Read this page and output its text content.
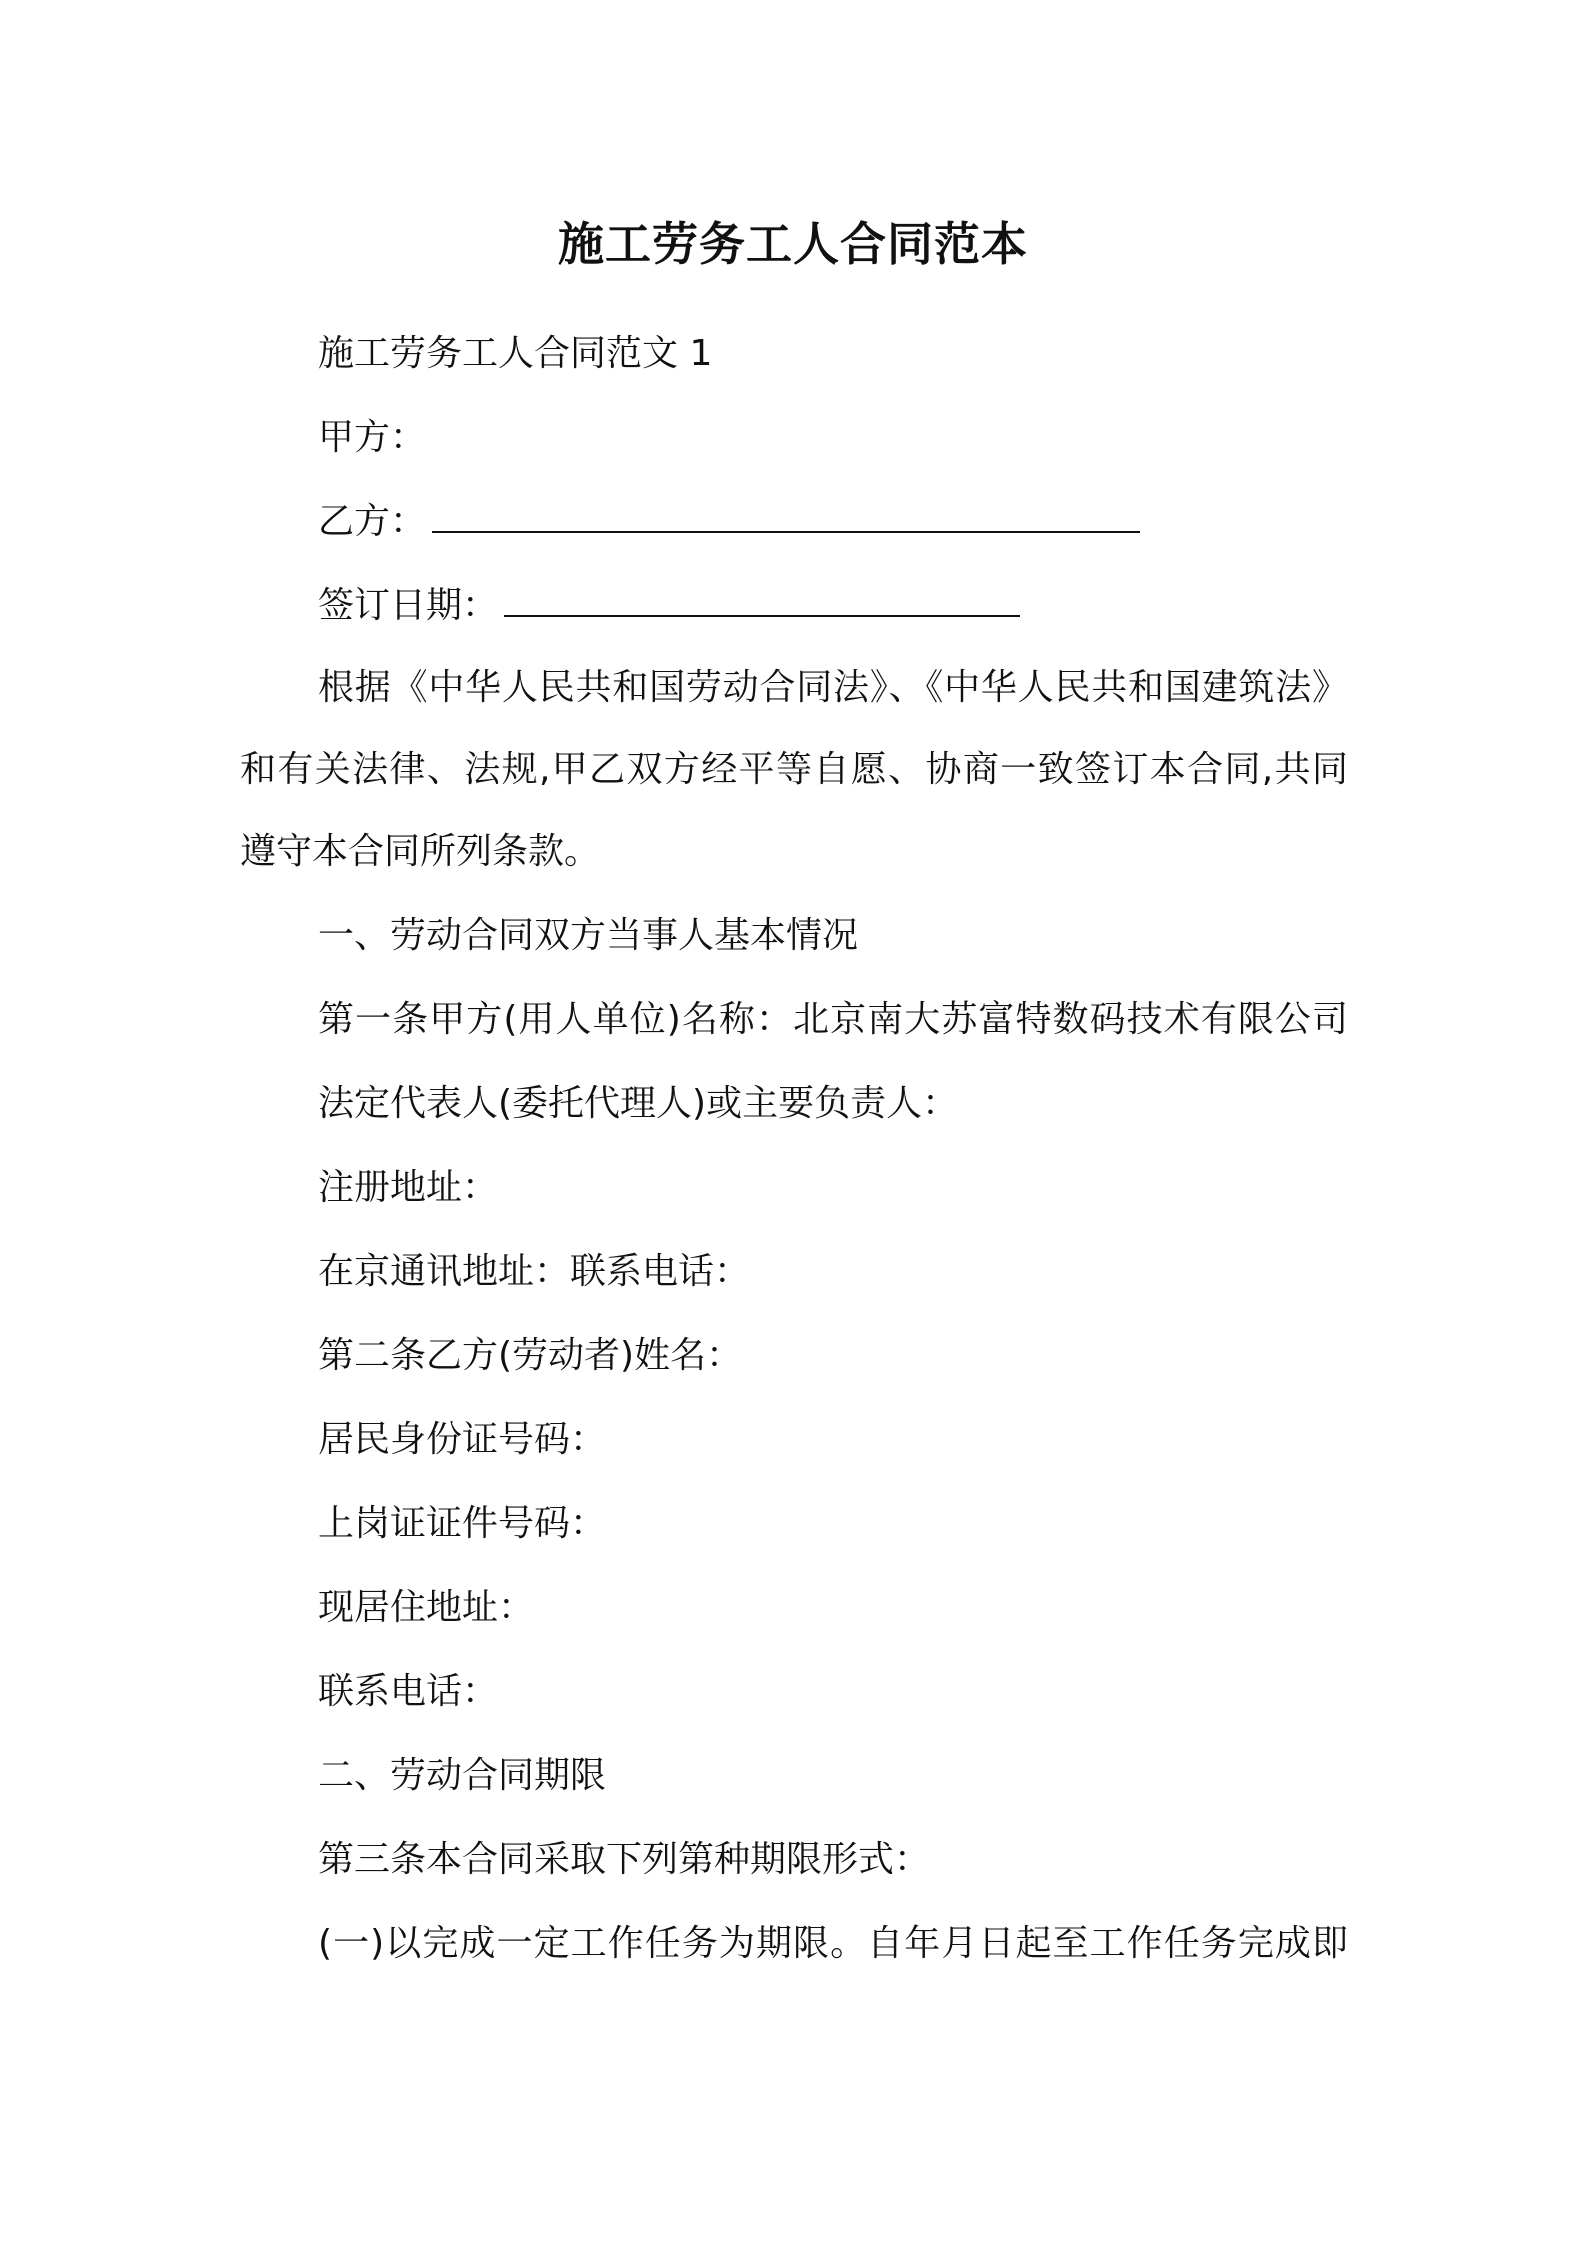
施工劳务工人合同范本
施工劳务工人合同范文 1
甲方：
乙方：
签订日期：
根据《中华人民共和国劳动合同法》、《中华人民共和国建筑法》
和有关法律、法规,甲乙双方经平等自愿、协商一致签订本合同,共同
遵守本合同所列条款。
一、劳动合同双方当事人基本情况
第一条甲方(用人单位)名称：北京南大苏富特数码技术有限公司
法定代表人(委托代理人)或主要负责人：
注册地址：
在京通讯地址：联系电话：
第二条乙方(劳动者)姓名：
居民身份证号码：
上岗证证件号码：
现居住地址：
联系电话：
二、劳动合同期限
第三条本合同采取下列第种期限形式：
(一)以完成一定工作任务为期限。自年月日起至工作任务完成即
